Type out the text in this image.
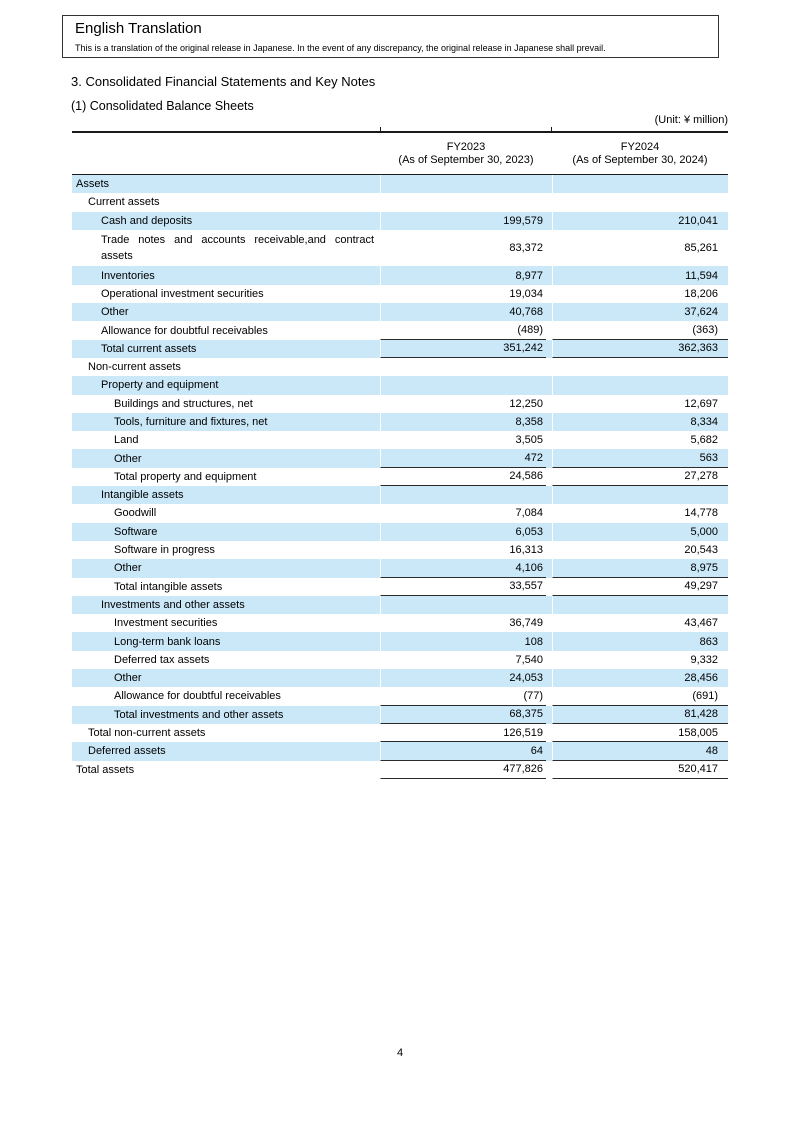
English Translation
This is a translation of the original release in Japanese. In the event of any discrepancy, the original release in Japanese shall prevail.
3. Consolidated Financial Statements and Key Notes
(1) Consolidated Balance Sheets
(Unit: ¥ million)
FY2023
(As of September 30, 2023)
FY2024
(As of September 30, 2024)
Assets
Current assets
Cash and deposits	199,579	210,041
Trade notes and accounts receivable,and contract assets
83,372	85,261
Inventories	8,977	11,594
Operational investment securities	19,034	18,206
Other	40,768	37,624
Allowance for doubtful receivables	(489)	(363)
Total current assets	351,242	362,363
Non-current assets
Property and equipment
Buildings and structures, net	12,250	12,697
Tools, furniture and fixtures, net	8,358	8,334
Land	3,505	5,682
Other	472	563
Total property and equipment	24,586	27,278
Intangible assets
Goodwill	7,084	14,778
Software	6,053	5,000
Software in progress	16,313	20,543
Other	4,106	8,975
Total intangible assets	33,557	49,297
Investments and other assets
Investment securities	36,749	43,467
Long-term bank loans	108	863
Deferred tax assets	7,540	9,332
Other	24,053	28,456
Allowance for doubtful receivables	(77)	(691)
Total investments and other assets	68,375	81,428
Total non-current assets	126,519	158,005
Deferred assets	64	48
Total assets	477,826	520,417
4
